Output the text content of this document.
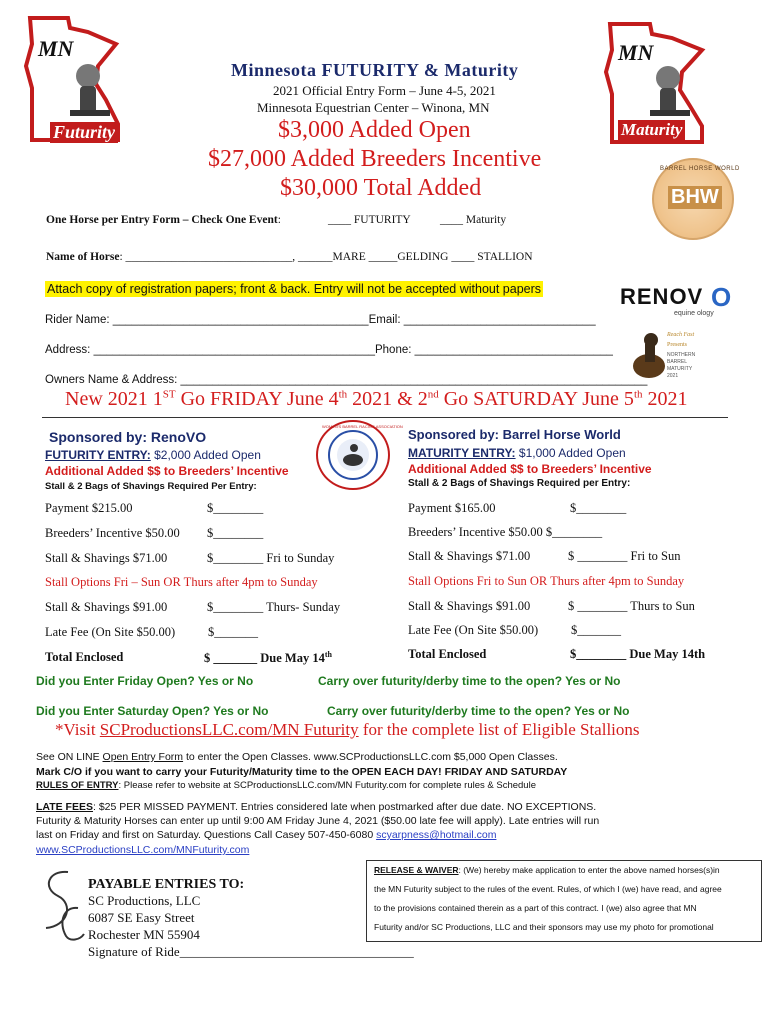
MN
Futurity
MN
Maturity
BARREL HORSE WORLD
BHW
Minnesota FUTURITY & Maturity
2021 Official Entry Form – June 4-5, 2021
Minnesota Equestrian Center – Winona, MN
$3,000 Added Open
$27,000 Added Breeders Incentive
$30,000 Total Added
One Horse per Entry Form – Check One Event:	____ FUTURITY	____ Maturity
Name of Horse: _____________________________, ______MARE _____GELDING ____ STALLION
Attach copy of registration papers; front & back. Entry will not be accepted without papers	RENOV O
equine ology
Rider Name: ________________________________________Email: ______________________________
Address: ____________________________________________Phone: _______________________________
Reach Fast
Presents
NORTHERN
BARREL
MATURITY
2021
Owners Name & Address: _________________________________________________________________________
New 2021 1ST Go FRIDAY June 4th 2021 & 2nd Go SATURDAY June 5th 2021
WOMEN'S BARREL RACING ASSOCIATION
Sponsored by: RenoVO
FUTURITY ENTRY: $2,000 Added Open
Additional Added $$ to Breeders’ Incentive
Stall & 2 Bags of Shavings Required Per Entry:
Payment $215.00	$________
Breeders’ Incentive $50.00 $________
Stall & Shavings $71.00	$________ Fri to Sunday
Stall Options Fri – Sun OR Thurs after 4pm to Sunday
Stall & Shavings $91.00	$________ Thurs- Sunday
Late Fee (On Site $50.00)	$_______
Total Enclosed	$ _______ Due May 14th
Sponsored by: Barrel Horse World
MATURITY ENTRY: $1,000 Added Open
Additional Added $$ to Breeders’ Incentive
Stall & 2 Bags of Shavings Required per Entry:
Payment $165.00	$________
Breeders’ Incentive $50.00 $________
Stall & Shavings $71.00	$ ________ Fri to Sun
Stall Options Fri to Sun OR Thurs after 4pm to Sunday
Stall & Shavings $91.00	$ ________ Thurs to Sun
Late Fee (On Site $50.00)	$_______
Total Enclosed	$________ Due May 14th
Did you Enter Friday Open? Yes or No	Carry over futurity/derby time to the open? Yes or No
Did you Enter Saturday Open? Yes or No	Carry over futurity/derby time to the open? Yes or No
*Visit SCProductionsLLC.com/MN Futurity for the complete list of Eligible Stallions
See ON LINE Open Entry Form to enter the Open Classes. www.SCProductionsLLC.com $5,000 Open Classes.
Mark C/O if you want to carry your Futurity/Maturity time to the OPEN EACH DAY! FRIDAY AND SATURDAY
RULES OF ENTRY: Please refer to website at SCProductionsLLC.com/MN Futurity.com for complete rules & Schedule
LATE FEES: $25 PER MISSED PAYMENT. Entries considered late when postmarked after due date. NO EXCEPTIONS.
Futurity & Maturity Horses can enter up until 9:00 AM Friday June 4, 2021 ($50.00 late fee will apply). Late entries will run
last on Friday and first on Saturday. Questions Call Casey 507-450-6080 scyarpness@hotmail.com
www.SCProductionsLLC.com/MNFuturity.com
PAYABLE ENTRIES TO:
SC Productions, LLC
6087 SE Easy Street
Rochester MN 55904
Signature of Ride____________________________________
RELEASE & WAIVER: (We) hereby make application to enter the above named horses(s)in
the MN Futurity subject to the rules of the event. Rules, of which I (we) have read, and agree
to the provisions contained therein as a part of this contract. I (we) also agree that MN
Futurity and/or SC Productions, LLC and their sponsors may use my photo for promotional
